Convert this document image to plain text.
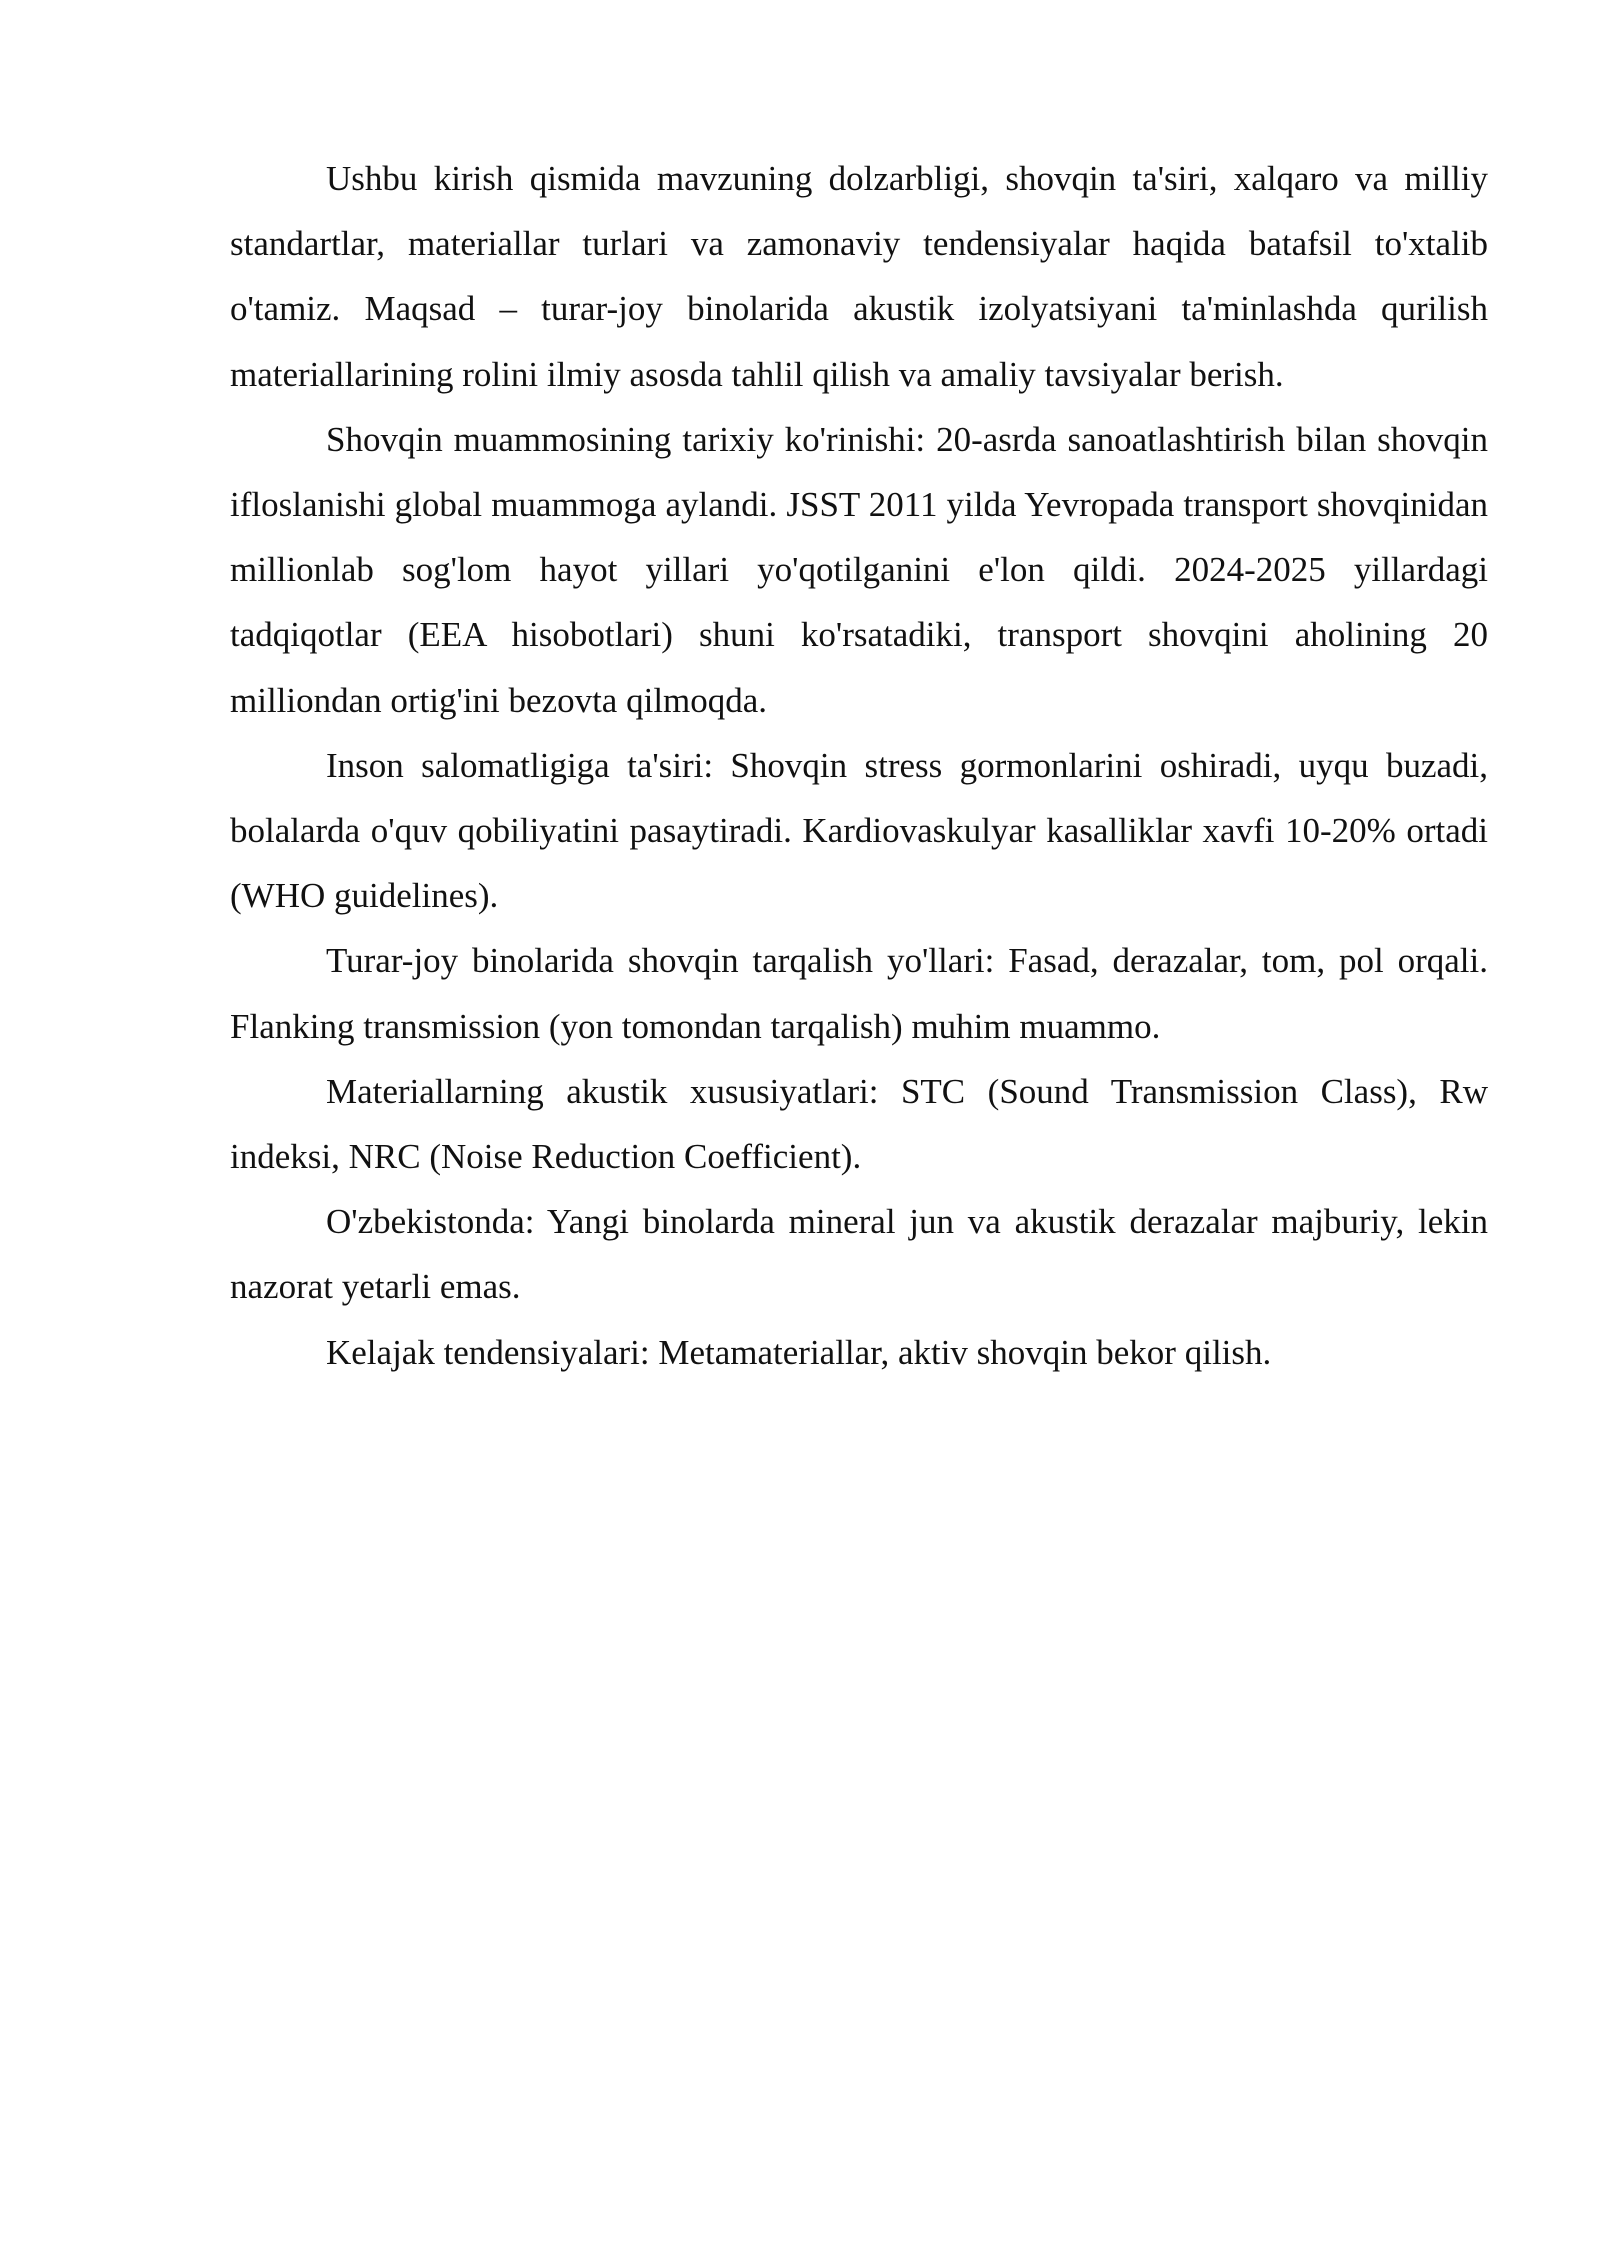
Ushbu kirish qismida mavzuning dolzarbligi, shovqin ta'siri, xalqaro va milliy standartlar, materiallar turlari va zamonaviy tendensiyalar haqida batafsil to'xtalib o'tamiz. Maqsad – turar-joy binolarida akustik izolyatsiyani ta'minlashda qurilish materiallarining rolini ilmiy asosda tahlil qilish va amaliy tavsiyalar berish.

Shovqin muammosining tarixiy ko'rinishi: 20-asrda sanoatlashtirish bilan shovqin ifloslanishi global muammoga aylandi. JSST 2011 yilda Yevropada transport shovqinidan millionlab sog'lom hayot yillari yo'qotilganini e'lon qildi. 2024-2025 yillardagi tadqiqotlar (EEA hisobotlari) shuni ko'rsatadiki, transport shovqini aholining 20 milliondan ortig'ini bezovta qilmoqda.

Inson salomatligiga ta'siri: Shovqin stress gormonlarini oshiradi, uyqu buzadi, bolalarda o'quv qobiliyatini pasaytiradi. Kardiovaskulyar kasalliklar xavfi 10-20% ortadi (WHO guidelines).

Turar-joy binolarida shovqin tarqalish yo'llari: Fasad, derazalar, tom, pol orqali. Flanking transmission (yon tomondan tarqalish) muhim muammo.

Materiallarning akustik xususiyatlari: STC (Sound Transmission Class), Rw indeksi, NRC (Noise Reduction Coefficient).

O'zbekistonda: Yangi binolarda mineral jun va akustik derazalar majburiy, lekin nazorat yetarli emas.

Kelajak tendensiyalari: Metamateriallar, aktiv shovqin bekor qilish.
